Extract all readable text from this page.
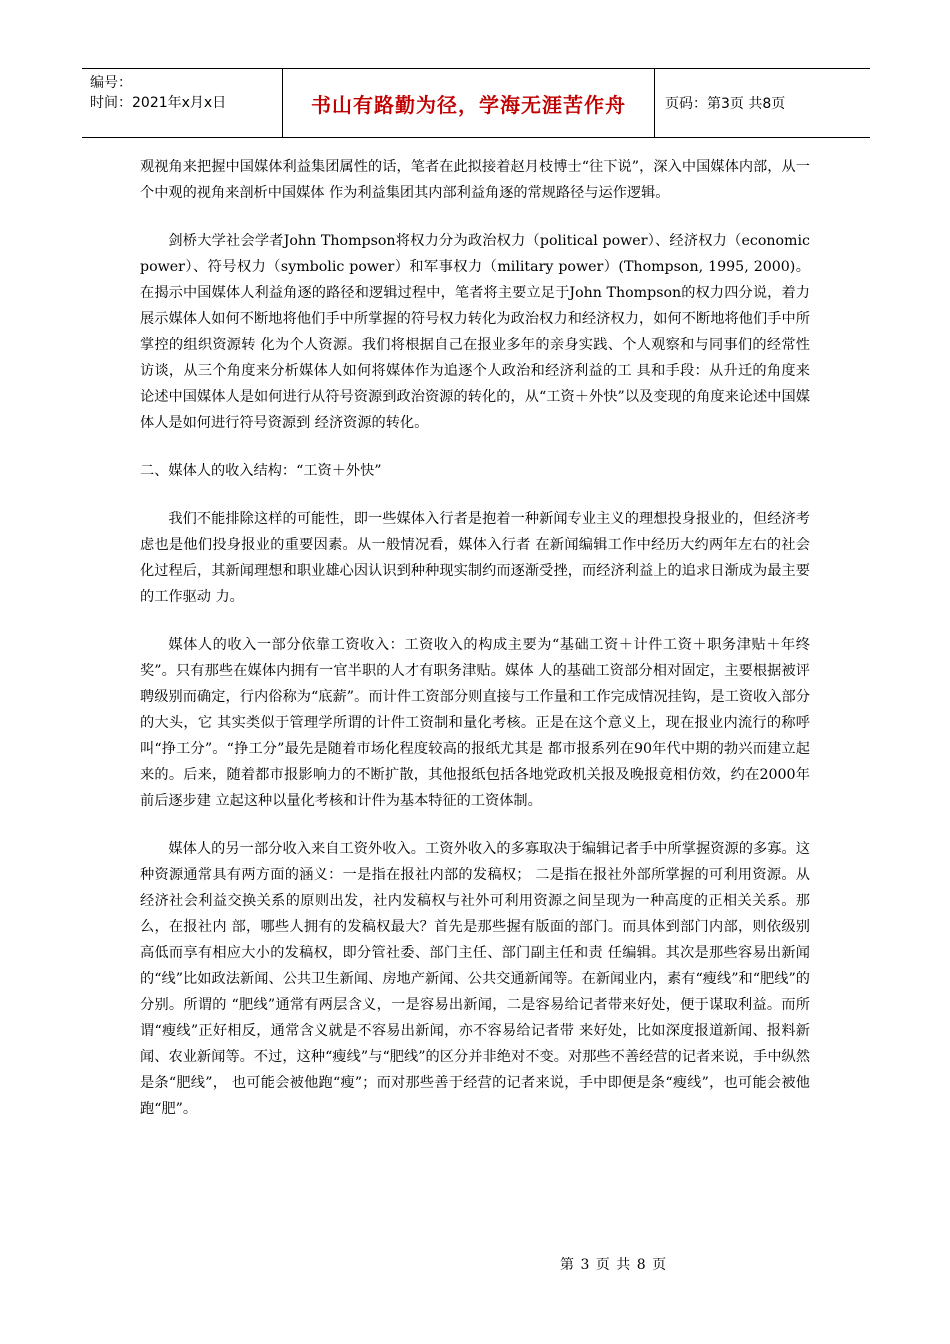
编号：
时间：2021年x月x日	书山有路勤为径，学海无涯苦作舟	页码：第3页 共8页

观视角来把握中国媒体利益集团属性的话，笔者在此拟接着赵月枝博士“往下说”，深入中国媒体内部，从一个中观的视角来剖析中国媒体 作为利益集团其内部利益角逐的常规路径与运作逻辑。

剑桥大学社会学者John Thompson将权力分为政治权力（political power）、经济权力（economic power）、符号权力（symbolic power）和军事权力（military power）(Thompson, 1995, 2000)。在揭示中国媒体人利益角逐的路径和逻辑过程中，笔者将主要立足于John Thompson的权力四分说，着力展示媒体人如何不断地将他们手中所掌握的符号权力转化为政治权力和经济权力，如何不断地将他们手中所掌控的组织资源转 化为个人资源。我们将根据自己在报业多年的亲身实践、个人观察和与同事们的经常性访谈，从三个角度来分析媒体人如何将媒体作为追逐个人政治和经济利益的工 具和手段：从升迁的角度来论述中国媒体人是如何进行从符号资源到政治资源的转化的，从“工资＋外快”以及变现的角度来论述中国媒体人是如何进行符号资源到 经济资源的转化。

二、媒体人的收入结构：“工资＋外快”

我们不能排除这样的可能性，即一些媒体入行者是抱着一种新闻专业主义的理想投身报业的，但经济考虑也是他们投身报业的重要因素。从一般情况看，媒体入行者 在新闻编辑工作中经历大约两年左右的社会化过程后，其新闻理想和职业雄心因认识到种种现实制约而逐渐受挫，而经济利益上的追求日渐成为最主要的工作驱动 力。

媒体人的收入一部分依靠工资收入：工资收入的构成主要为“基础工资＋计件工资＋职务津贴＋年终奖”。只有那些在媒体内拥有一官半职的人才有职务津贴。媒体 人的基础工资部分相对固定，主要根据被评聘级别而确定，行内俗称为“底薪”。而计件工资部分则直接与工作量和工作完成情况挂钩，是工资收入部分的大头，它 其实类似于管理学所谓的计件工资制和量化考核。正是在这个意义上，现在报业内流行的称呼叫“挣工分”。“挣工分”最先是随着市场化程度较高的报纸尤其是 都市报系列在90年代中期的勃兴而建立起来的。后来，随着都市报影响力的不断扩散，其他报纸包括各地党政机关报及晚报竟相仿效，约在2000年前后逐步建 立起这种以量化考核和计件为基本特征的工资体制。

媒体人的另一部分收入来自工资外收入。工资外收入的多寡取决于编辑记者手中所掌握资源的多寡。这种资源通常具有两方面的涵义：一是指在报社内部的发稿权； 二是指在报社外部所掌握的可利用资源。从经济社会利益交换关系的原则出发，社内发稿权与社外可利用资源之间呈现为一种高度的正相关关系。那么，在报社内 部，哪些人拥有的发稿权最大？首先是那些握有版面的部门。而具体到部门内部，则依级别高低而享有相应大小的发稿权，即分管社委、部门主任、部门副主任和责 任编辑。其次是那些容易出新闻的“线”比如政法新闻、公共卫生新闻、房地产新闻、公共交通新闻等。在新闻业内，素有“瘦线”和“肥线”的分别。所谓的 “肥线”通常有两层含义，一是容易出新闻，二是容易给记者带来好处，便于谋取利益。而所谓“瘦线”正好相反，通常含义就是不容易出新闻，亦不容易给记者带 来好处，比如深度报道新闻、报料新闻、农业新闻等。不过，这种“瘦线”与“肥线”的区分并非绝对不变。对那些不善经营的记者来说，手中纵然是条“肥线”， 也可能会被他跑“瘦”；而对那些善于经营的记者来说，手中即便是条“瘦线”，也可能会被他跑“肥”。

第 3 页 共 8 页
